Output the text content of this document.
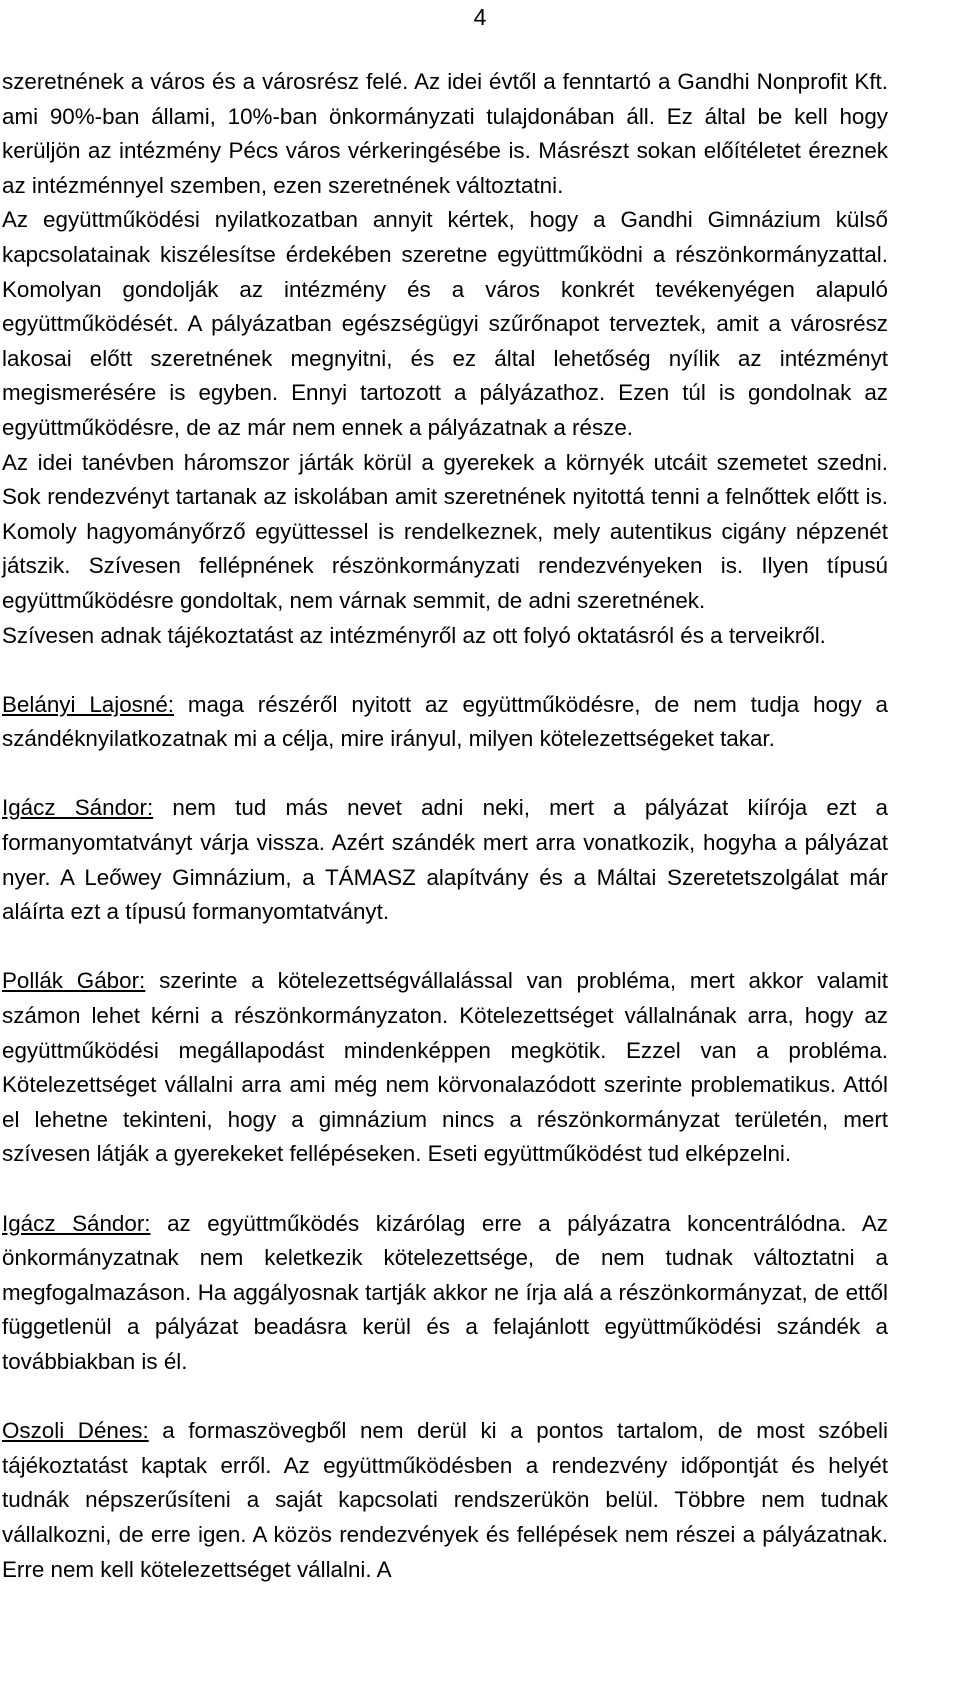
4

szeretnének a város és a városrész felé. Az idei évtől a fenntartó a Gandhi Nonprofit Kft. ami 90%-ban állami, 10%-ban önkormányzati tulajdonában áll. Ez által be kell hogy kerüljön az intézmény Pécs város vérkeringésébe is. Másrészt sokan előítéletet éreznek az intézménnyel szemben, ezen szeretnének változtatni.

Az együttműködési nyilatkozatban annyit kértek, hogy a Gandhi Gimnázium külső kapcsolatainak kiszélesítse érdekében szeretne együttműködni a részönkormányzattal. Komolyan gondolják az intézmény és a város konkrét tevékenyégen alapuló együttműködését. A pályázatban egészségügyi szűrőnapot terveztek, amit a városrész lakosai előtt szeretnének megnyitni, és ez által lehetőség nyílik az intézményt megismerésére is egyben. Ennyi tartozott a pályázathoz. Ezen túl is gondolnak az együttműködésre, de az már nem ennek a pályázatnak a része.

Az idei tanévben háromszor járták körül a gyerekek a környék utcáit szemetet szedni. Sok rendezvényt tartanak az iskolában amit szeretnének nyitottá tenni a felnőttek előtt is. Komoly hagyományőrző együttessel is rendelkeznek, mely autentikus cigány népzenét játszik. Szívesen fellépnének részönkormányzati rendezvényeken is. Ilyen típusú együttműködésre gondoltak, nem várnak semmit, de adni szeretnének.

Szívesen adnak tájékoztatást az intézményről az ott folyó oktatásról és a terveikről.

Belányi Lajosné: maga részéről nyitott az együttműködésre, de nem tudja hogy a szándéknyilatkozatnak mi a célja, mire irányul, milyen kötelezettségeket takar.

Igácz Sándor: nem tud más nevet adni neki, mert a pályázat kiírója ezt a formanyomtatványt várja vissza. Azért szándék mert arra vonatkozik, hogyha a pályázat nyer. A Leőwey Gimnázium, a TÁMASZ alapítvány és a Máltai Szeretetszolgálat már aláírta ezt a típusú formanyomtatványt.

Pollák Gábor: szerinte a kötelezettségvállalással van probléma, mert akkor valamit számon lehet kérni a részönkormányzaton. Kötelezettséget vállalnának arra, hogy az együttműködési megállapodást mindenképpen megkötik. Ezzel van a probléma. Kötelezettséget vállalni arra ami még nem körvonalazódott szerinte problematikus. Attól el lehetne tekinteni, hogy a gimnázium nincs a részönkormányzat területén, mert szívesen látják a gyerekeket fellépéseken. Eseti együttműködést tud elképzelni.

Igácz Sándor: az együttműködés kizárólag erre a pályázatra koncentrálódna. Az önkormányzatnak nem keletkezik kötelezettsége, de nem tudnak változtatni a megfogalmazáson. Ha aggályosnak tartják akkor ne írja alá a részönkormányzat, de ettől függetlenül a pályázat beadásra kerül és a felajánlott együttműködési szándék a továbbiakban is él.

Oszoli Dénes: a formaszövegből nem derül ki a pontos tartalom, de most szóbeli tájékoztatást kaptak erről. Az együttműködésben a rendezvény időpontját és helyét tudnák népszerűsíteni a saját kapcsolati rendszerükön belül. Többre nem tudnak vállalkozni, de erre igen. A közös rendezvények és fellépések nem részei a pályázatnak. Erre nem kell kötelezettséget vállalni. A
